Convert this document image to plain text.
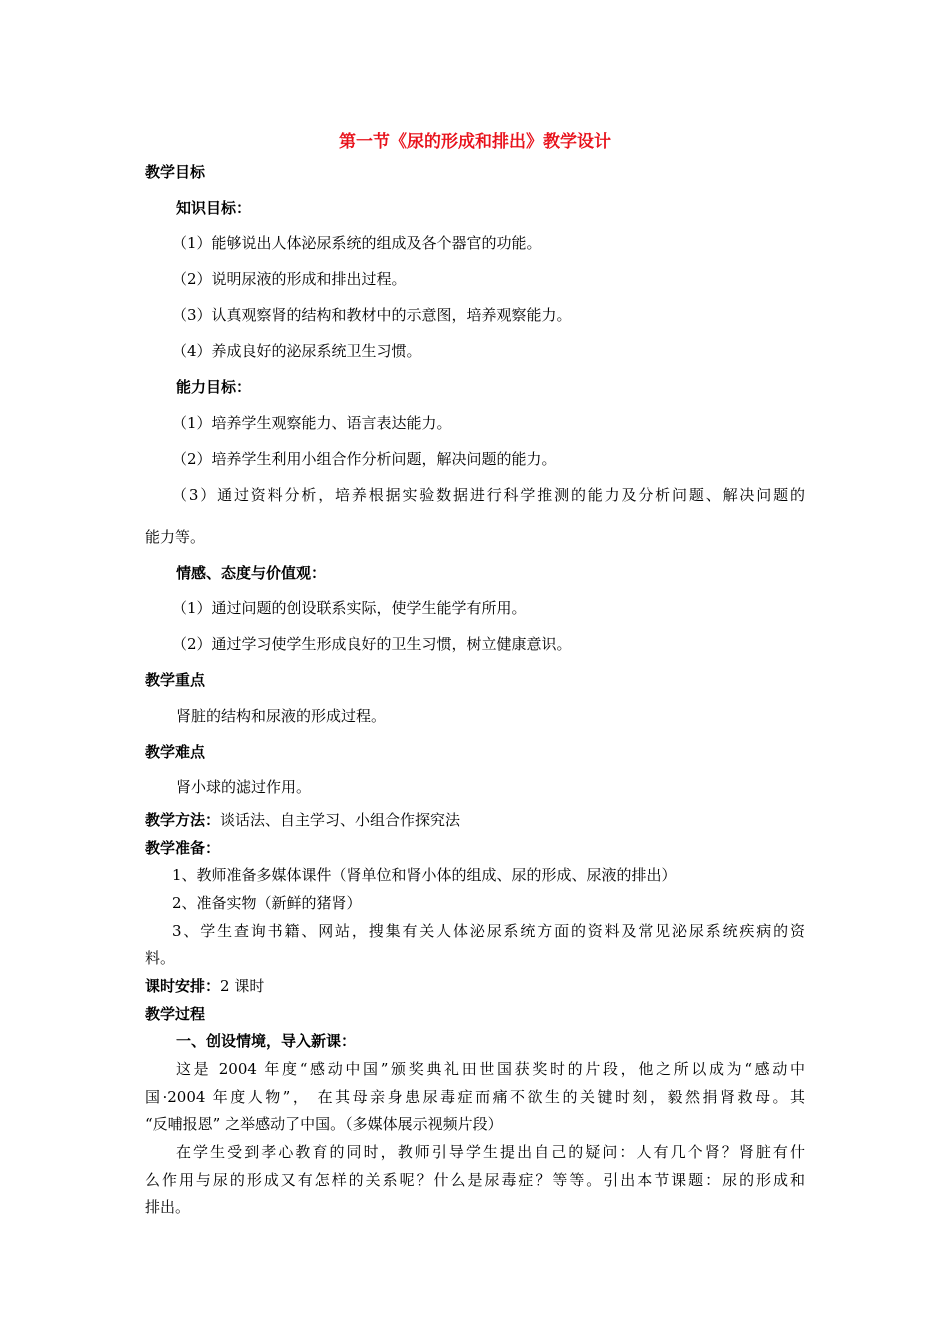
第一节《尿的形成和排出》教学设计
教学目标
知识目标：
（1）能够说出人体泌尿系统的组成及各个器官的功能。
（2）说明尿液的形成和排出过程。
（3）认真观察肾的结构和教材中的示意图，培养观察能力。
（4）养成良好的泌尿系统卫生习惯。
能力目标：
（1）培养学生观察能力、语言表达能力。
（2）培养学生利用小组合作分析问题，解决问题的能力。
（3）通过资料分析，培养根据实验数据进行科学推测的能力及分析问题、解决问题的
能力等。
情感、态度与价值观：
（1）通过问题的创设联系实际，使学生能学有所用。
（2）通过学习使学生形成良好的卫生习惯，树立健康意识。
教学重点
肾脏的结构和尿液的形成过程。
教学难点
肾小球的滤过作用。
教学方法：谈话法、自主学习、小组合作探究法
教学准备：
1、教师准备多媒体课件（肾单位和肾小体的组成、尿的形成、尿液的排出）
2、准备实物（新鲜的猪肾）
3、学生查询书籍、网站，搜集有关人体泌尿系统方面的资料及常见泌尿系统疾病的资
料。
课时安排：2 课时
教学过程
一、创设情境，导入新课：
这是 2004 年度“感动中国”颁奖典礼田世国获奖时的片段，他之所以成为“感动中
国·2004 年度人物”， 在其母亲身患尿毒症而痛不欲生的关键时刻，毅然捐肾救母。其
“反哺报恩” 之举感动了中国。（多媒体展示视频片段）
在学生受到孝心教育的同时，教师引导学生提出自己的疑问：人有几个肾？肾脏有什
么作用与尿的形成又有怎样的关系呢？什么是尿毒症？等等。引出本节课题：尿的形成和
排出。
